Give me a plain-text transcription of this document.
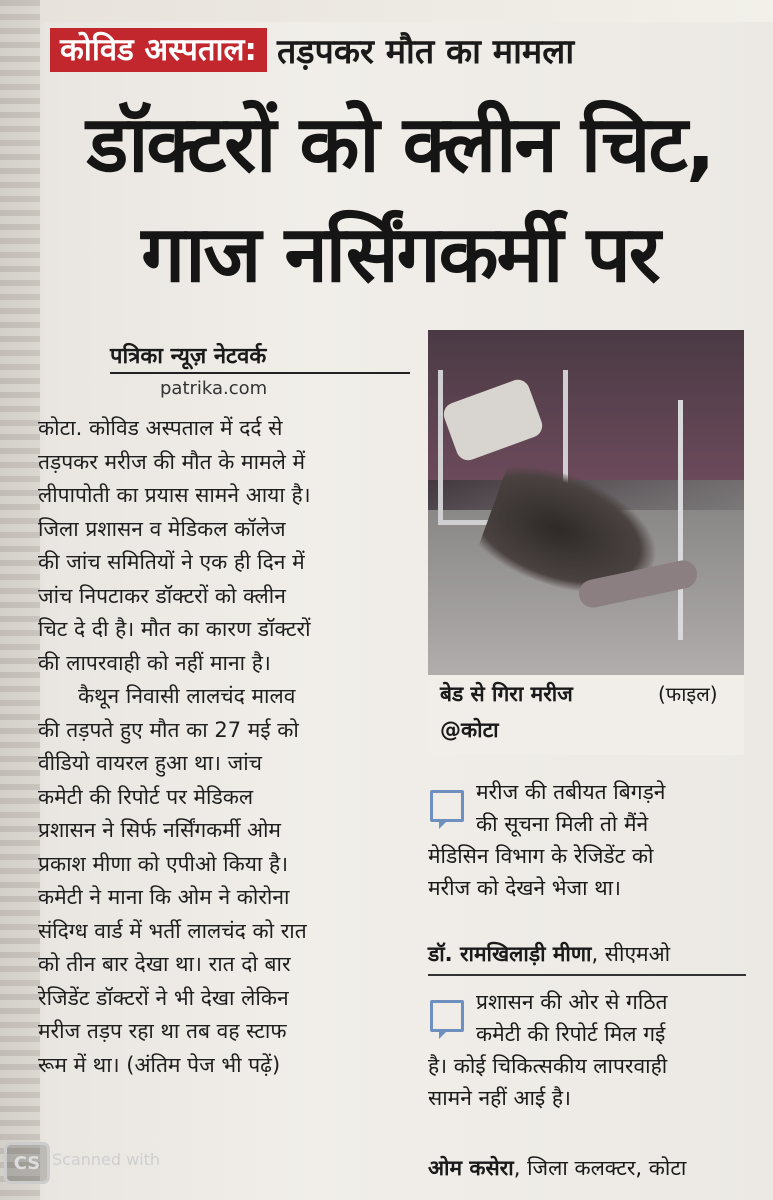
कोविड अस्पताल: तड़पकर मौत का मामला
डॉक्टरों को क्लीन चिट,
गाज नर्सिंगकर्मी पर
पत्रिका न्यूज़ नेटवर्क
patrika.com

कोटा. कोविड अस्पताल में दर्द से

तड़पकर मरीज की मौत के मामले में

लीपापोती का प्रयास सामने आया है।

जिला प्रशासन व मेडिकल कॉलेज

की जांच समितियों ने एक ही दिन में

जांच निपटाकर डॉक्टरों को क्लीन

चिट दे दी है। मौत का कारण डॉक्टरों

की लापरवाही को नहीं माना है।

कैथून निवासी लालचंद मालव

की तड़पते हुए मौत का 27 मई को

वीडियो वायरल हुआ था। जांच

कमेटी की रिपोर्ट पर मेडिकल

प्रशासन ने सिर्फ नर्सिंगकर्मी ओम

प्रकाश मीणा को एपीओ किया है।

कमेटी ने माना कि ओम ने कोरोना

संदिग्ध वार्ड में भर्ती लालचंद को रात

को तीन बार देखा था। रात दो बार

रेजिडेंट डॉक्टरों ने भी देखा लेकिन

मरीज तड़प रहा था तब वह स्टाफ

रूम में था। (अंतिम पेज भी पढ़ें)

बेड से गिरा मरीज	(फाइल)
@कोटा

मरीज की तबीयत बिगड़ने

की सूचना मिली तो मैंने

मेडिसिन विभाग के रेजिडेंट को

मरीज को देखने भेजा था।

डॉ. रामखिलाड़ी मीणा, सीएमओ

प्रशासन की ओर से गठित

कमेटी की रिपोर्ट मिल गई

है। कोई चिकित्सकीय लापरवाही

सामने नहीं आई है।

ओम कसेरा, जिला कलक्टर, कोटा
CS Scanned with
